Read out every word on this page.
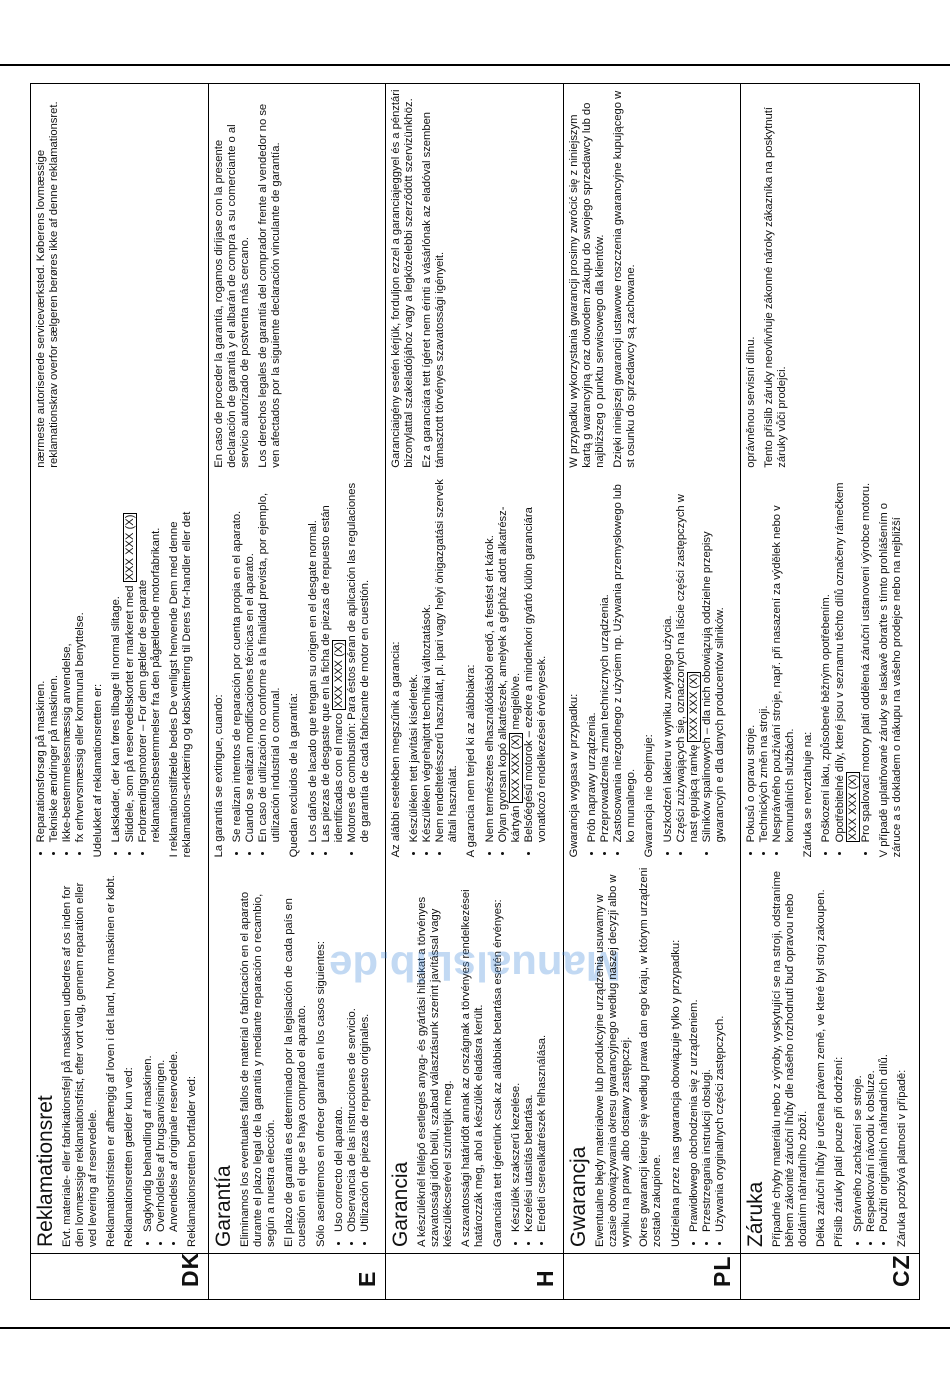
DK
Reklamationsret Evt. materiale- eller fabrikationsfejl på maskinen udbedres af os inden for den lovmæssige reklamationsfrist, efter vort valg, gennem reparation eller ved levering af reservedele. Reklamationsfristen er afhængig af loven i det land, hvor maskinen er købt. Reklamationsretten gælder kun ved: • Sagkyndig behandling af maskinen. • Overholdelse af brugsanvisningen. • Anvendelse af originale reservedele. Reklamationsretten bortfalder ved:
• Reparationsforsøg på maskinen. • Tekniske ændringer på maskinen. • Ikke-bestemmelsesmæssig anvendelse, • fx erhvervsmæssig eller kommunal benyttelse. Udelukket af reklamationsretten er: • Lakskader, der kan føres tilbage til normal slitage. • Sliddele, som på reservedelskortet er markeret med XXX XXX (X)
• Forbrændingsmotorer – For dem gælder de separate reklamationsbestemmelser fra den pågældende motorfabrikant. I reklamationstilfælde bedes De venligst henvende Dem med denne reklamations-erklæring og købskvittering til Deres for-handler eller det nærmeste autoriserede serviceværksted. Køberens lovmæssige reklamationskrav overfor sælgeren berøres ikke af denne reklamationsret.
E
Garantía Eliminamos los eventuales fallos de material o fabricación en el aparato durante el plazo legal de la garantía y mediante reparación o recambio, según a nuestra elección. El plazo de garantía es determinado por la legislación de cada país en cuestión en el que se haya comprado el aparato. Sólo asentiremos en ofrecer garantía en los casos siguientes: • Uso correcto del aparato. • Observancia de las instrucciones de servicio. • Utilización de piezas de repuesto originales.
La garantía se extingue, cuando: • Se realizan intentos de reparación por cuenta propia en el aparato. • Cuando se realizan modificaciones técnicas en el aparato. • En caso de utilización no conforme a la finalidad prevista, por ejemplo, utilización industrial o comunal. Quedan excluidos de la garantía: • Los daños de lacado que tengan su origen en el desgate normal. • Las piezas de desgaste que en la ficha de piezas de repuesto están identificadas con el marco XXX XXX (X) • Motores de combustión: Para éstos séran de aplicación las regulaciones de garantía de cada fabricante de motor en cuestión.
En caso de proceder la garantía, rogamos diríjase con la presente declaración de garantía y el albarán de compra a su comerciante o al servicio autorizado de postventa más cercano. Los derechos legales de garantía del comprador frente al vendedor no se ven afectados por la siguiente declaración vinculante de garantía.
H
Garancia A készüléknél fellépő esetleges anyag- és gyártási hibákat a törvényes szavatossági időn belül, szabad választásunk szerint javítással vagy készülékcserével szüntetjük meg. A szavatossági határidőt annak az országnak a törvényes rendelkezései határozzák meg, ahol a készülék eladásra került. Garanciára tett ígéretünk csak az alábbiak betartása esetén érvényes: • Készülék szakszerű kezelése. • Kezelési utasítás betartása. • Eredeti cserealkatrészek felhasználása.
Az alábbi esetekben megszűnik a garancia: • Készüléken tett javítási kísérletek. • Készüléken végrehajtott technikai változtatások. • Nem rendeltetésszerű használat, pl. ipari vagy helyi önigazgatási szervek általi használat. A garancia nem terjed ki az alábbiakra: • Nem természetes elhasználódásból eredő, a festést ért károk. • Olyan gyorsan kopó alkatrészek, amelyek a gépház adott alkatrész-kártyán XXX XXX (X) megjelölve. • Belsőégésű motorok – ezekre a mindenkori gyártó külön garanciára vonatkozó rendelkezései érvényesek.
Garanciaigény esetén kérjük, forduljon ezzel a garanciajeggyel és a pénztári bizonylattal szakeladójához vagy a legközelebbi szerződött szervizünkhöz. Ez a garanciára tett ígéret nem érinti a vásárlónak az eladóval szemben támasztott törvényes szavatossági igényeit.
ManualsLib.de
PL
Gwarancja Ewentualne błędy materiałowe lub produkcyjne urządzenia usuwamy w czasie obowiązywania okresu gwarancyjnego według naszej decyzji albo w wyniku na prawy albo dostawy zastępczej. Okres gwarancji kieruje się według prawa dan ego kraju, w którym urządzeni zostało zakupione. Udzielana przez nas gwarancja obowiązuje tylko y przypadku: • Prawidłowego obchodzenia się z urządzeniem. • Przestrzegania instrukcji obsługi. • Używania oryginalnych części zastępczych.
Gwarancja wygasa w przypadku: • Prób naprawy urządzenia. • Przeprowadzenia zmian technicznych urządzenia. • Zastosowania niezgodnego z użyciem np. Używania przemysłowego lub ko munalnego. Gwarancja nie obejmuje: • Uszkodzeń lakieru w wyniku zwykłego użycia. • Części zużywających się, oznaczonych na liście części zastępczych w nast ępującą ramkę XXX XXX (X) • Silników spalinowych – dla nich obowiązują oddzielne przepisy gwarancyjn e dla danych producentów silników.
W przypadku wykorzystania gwarancji prosimy zwrócić się z niniejszym kartą g warancyjną oraz dowodem zakupu do swojego sprzedawcy lub do najbliższeg o punktu serwisowego dla klientów. Dzięki niniejszej gwarancji ustawowe roszczenia gwarancyjne kupującego w st osunku do sprzedawcy są zachowane.
CZ
Záruka Případné chyby materiálu nebo z výroby, vyskytující se na stroji, odstraníme během zákonité záruční lhůty dle našeho rozhodnutí buď opravou nebo dodáním náhradního zboží. Délka záruční lhůty je určena právem země, ve které byl stroj zakoupen. Příslib záruky platí pouze při dodržení: • Správného zacházení se stroje. • Respektování návodu k obsluze. • Použití originálních náhradních dílů. Záruka pozbývá platnosti v případě:
• Pokusů o opravu stroje. • Technických změn na stroji. • Nesprávného používání stroje, např. při nasazení za výdělek nebo v komunálních službách. Záruka se nevztahuje na: • Poškození laku, způsobené běžným opotřebením. • Opotřebitelné díly, které jsou v seznamu těchto dílů označeny rámečkem XXX XXX (X) • Pro spalovací motory platí oddělená záruční ustanovení výrobce motoru. V případě uplatňované záruky se laskavě obraťte s tímto prohlášením o záruce a s dokladem o nákupu na vašeho prodejce nebo na nejbližší oprávněnou servisní dílnu. Tento příslib záruky neovlivňuje zákonné nároky zákazníka na poskytnutí záruky vůči prodejci.
